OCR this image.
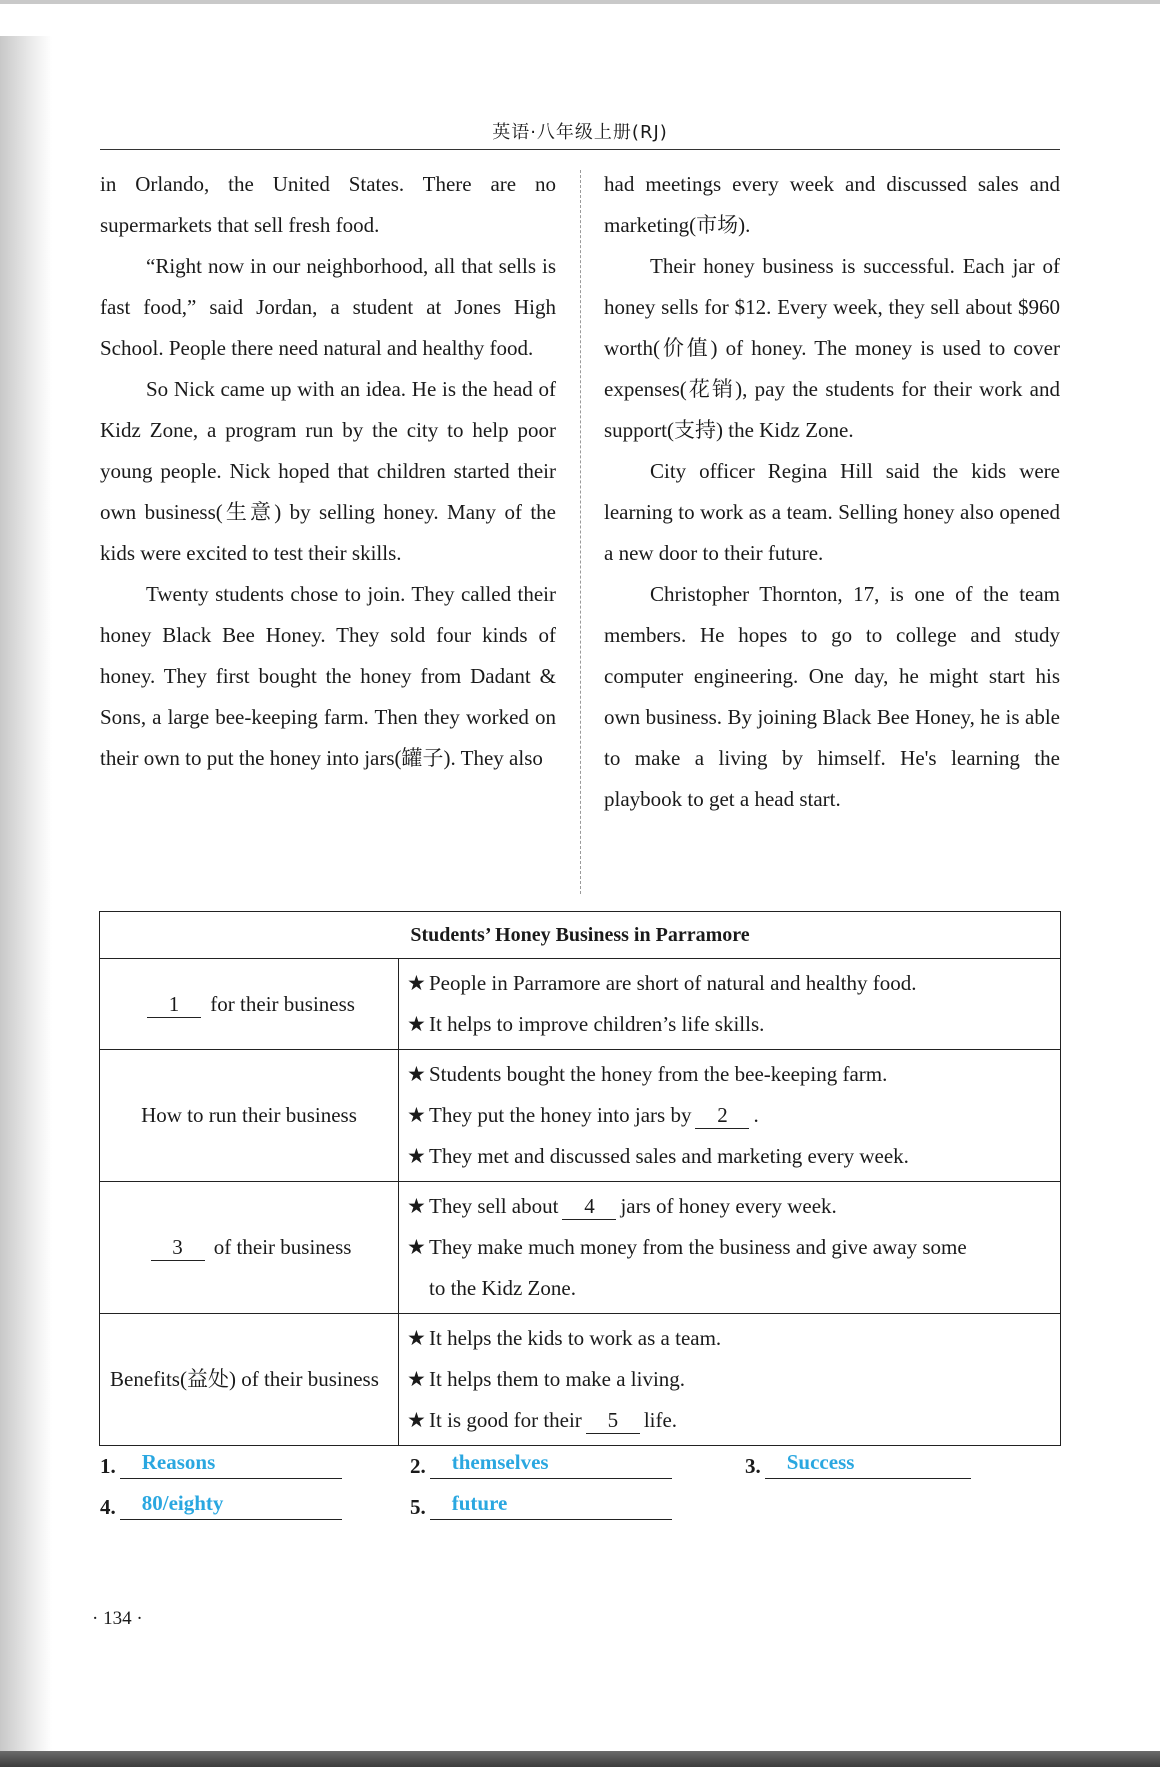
英语·八年级上册(RJ)

in Orlando, the United States. There are no supermarkets that sell fresh food.

“Right now in our neighborhood, all that sells is fast food,” said Jordan, a student at Jones High School. People there need natural and healthy food.

So Nick came up with an idea. He is the head of Kidz Zone, a program run by the city to help poor young people. Nick hoped that children started their own business(生意) by selling honey. Many of the kids were excited to test their skills.

Twenty students chose to join. They called their honey Black Bee Honey. They sold four kinds of honey. They first bought the honey from Dadant & Sons, a large bee-keeping farm. Then they worked on their own to put the honey into jars(罐子). They also

had meetings every week and discussed sales and marketing(市场).

Their honey business is successful. Each jar of honey sells for $12. Every week, they sell about $960 worth(价值) of honey. The money is used to cover expenses(花销), pay the students for their work and support(支持) the Kidz Zone.

City officer Regina Hill said the kids were learning to work as a team. Selling honey also opened a new door to their future.

Christopher Thornton, 17, is one of the team members. He hopes to go to college and study computer engineering. One day, he might start his own business. By joining Black Bee Honey, he is able to make a living by himself. He's learning the playbook to get a head start.

Students’ Honey Business in Parramore	
1 for their business	★ People in Parramore are short of natural and healthy food.
★ It helps to improve children’s life skills.

How to run their business	★ Students bought the honey from the bee-keeping farm.
★ They put the honey into jars by 2 .
★ They met and discussed sales and marketing every week.

3 of their business	★ They sell about 4 jars of honey every week.
★ They make much money from the business and give away some
to the Kidz Zone.

Benefits(益处) of their business	★ It helps the kids to work as a team.
★ It helps them to make a living.
★ It is good for their 5 life.
1.	Reasons	2.	themselves	3.	Success
4.	80/eighty	5.	future
· 134 ·
